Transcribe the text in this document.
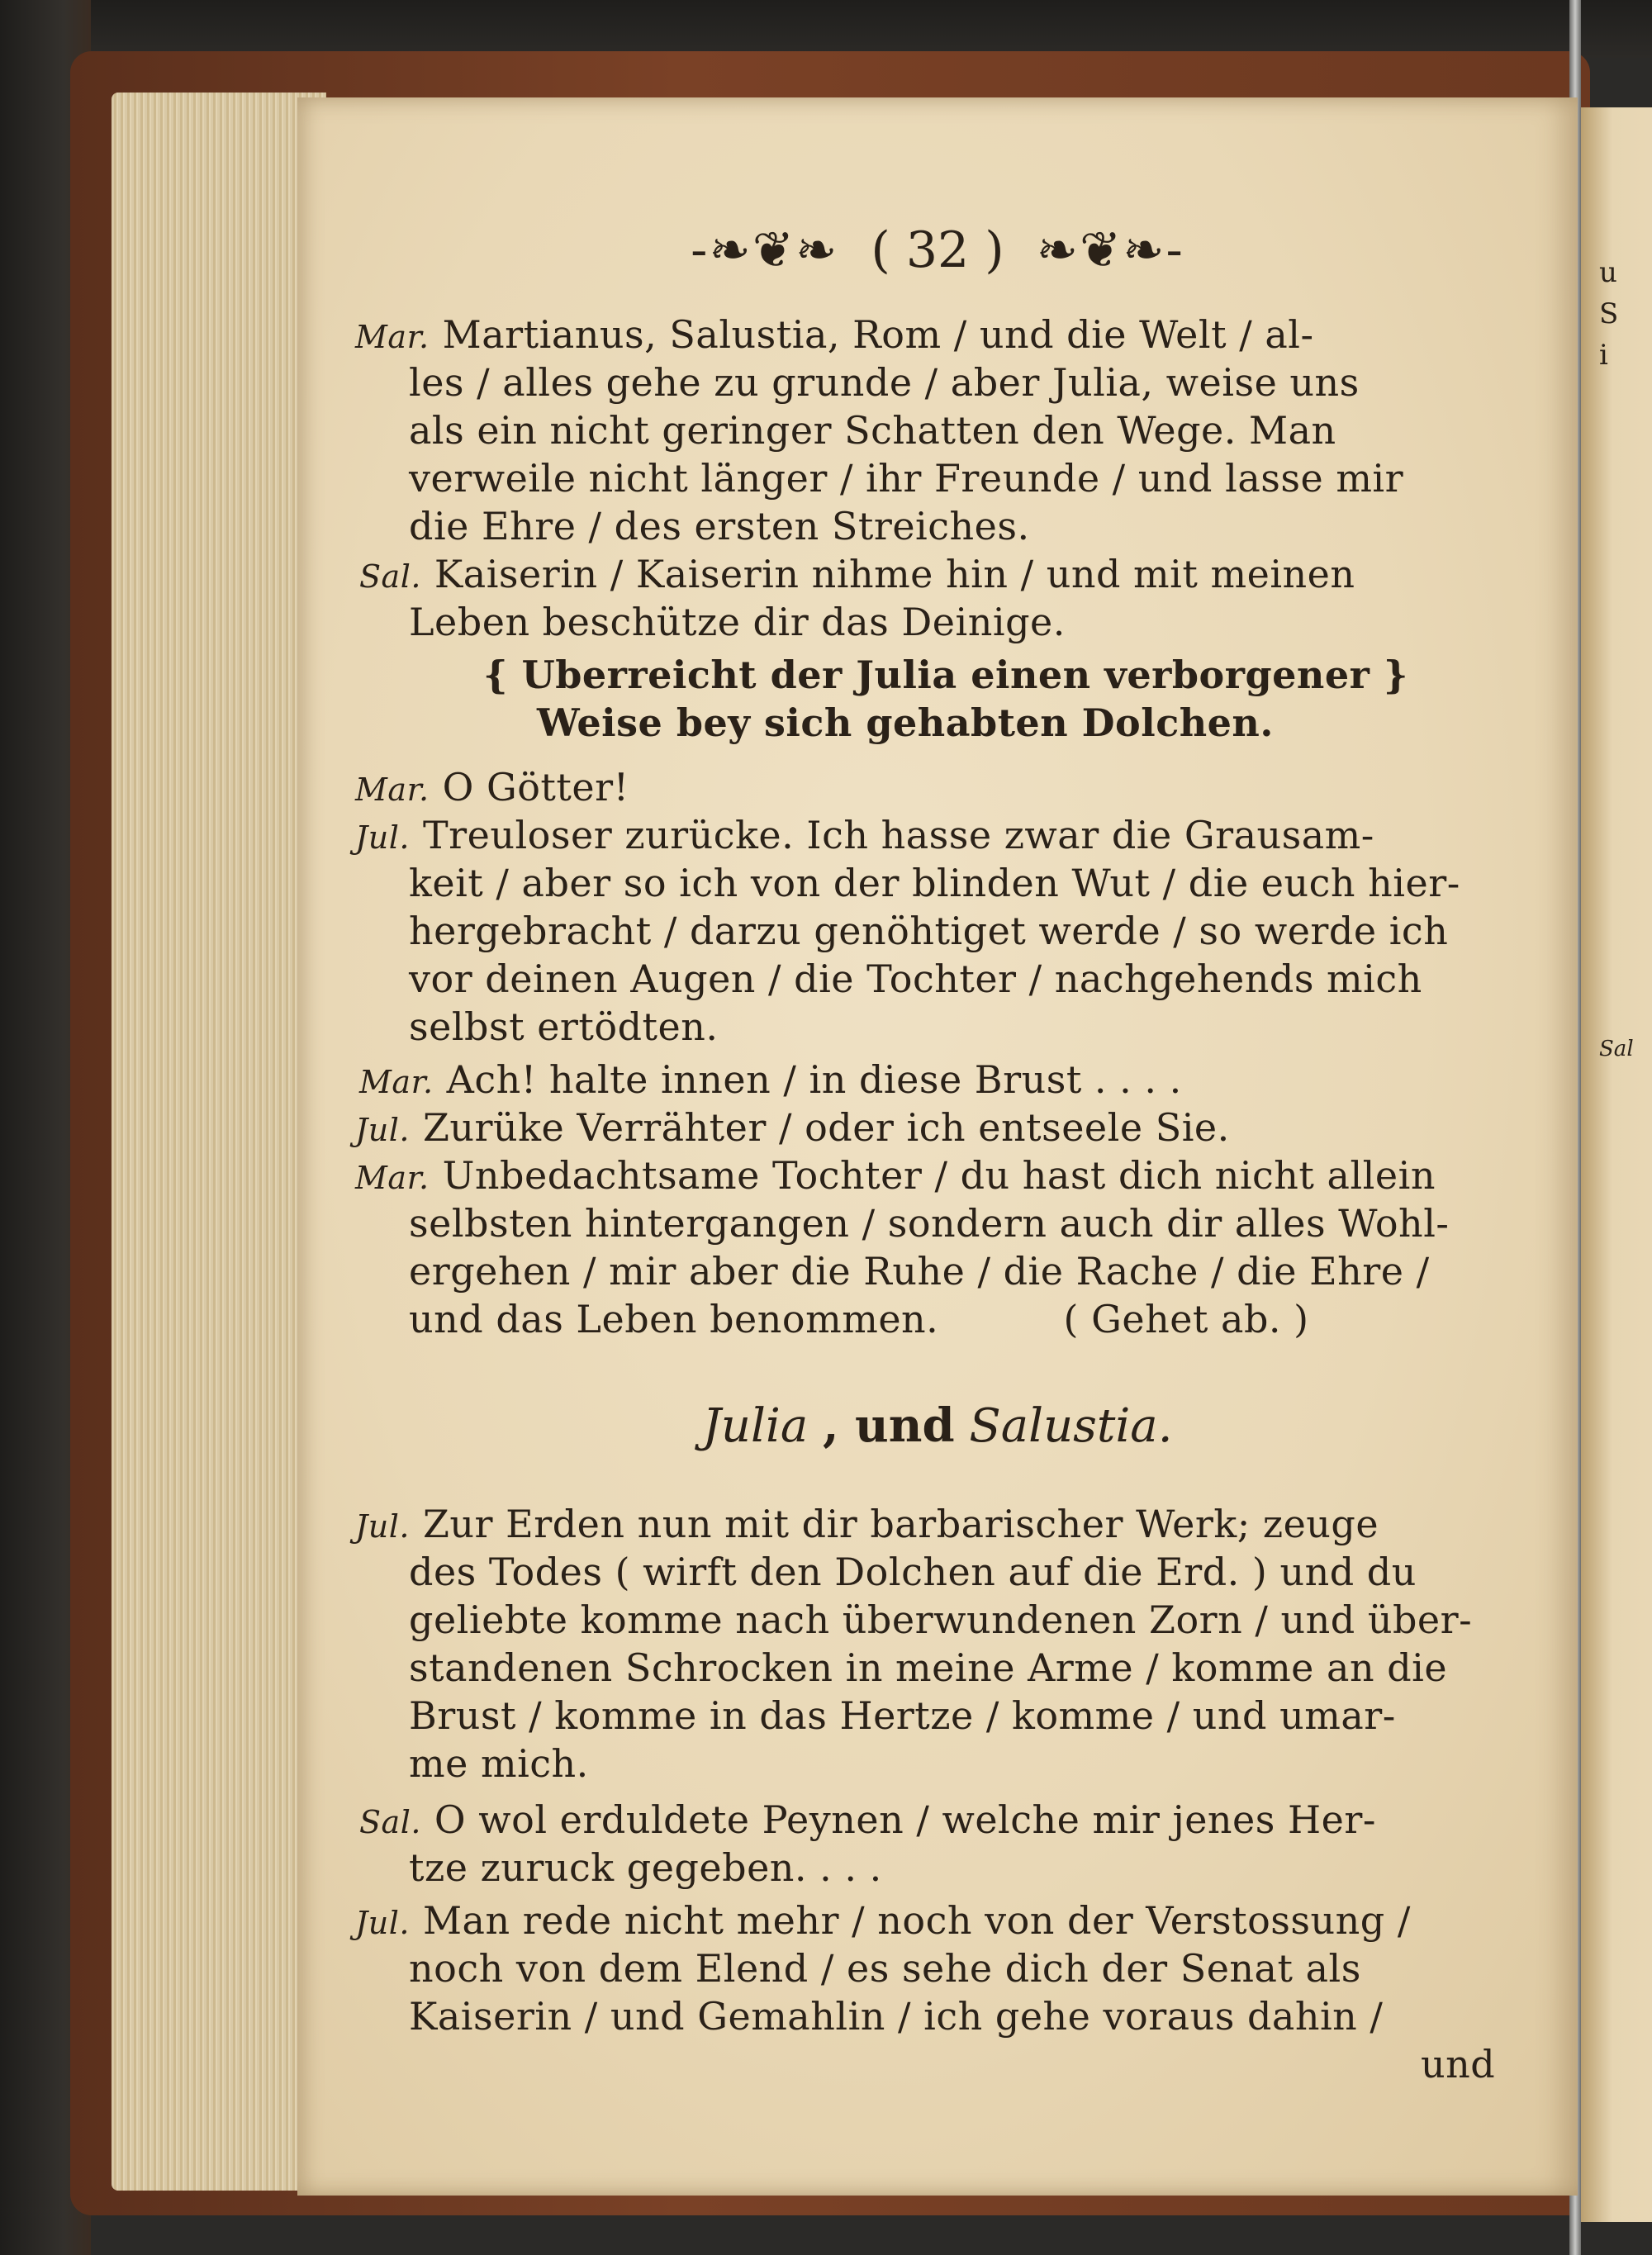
u
S
i
Sal
-❧❦❧ ( 32 ) ❧❦❧-
Mar. Martianus, Salustia, Rom / und die Welt / al-
les / alles gehe zu grunde / aber Julia, weise uns
als ein nicht geringer Schatten den Wege. Man
verweile nicht länger / ihr Freunde / und lasse mir
die Ehre / des ersten Streiches.
Sal. Kaiserin / Kaiserin nihme hin / und mit meinen
Leben beschütze dir das Deinige.
{ Uberreicht der Julia einen verborgener }
Weise bey sich gehabten Dolchen.
Mar. O Götter!
Jul. Treuloser zurücke. Ich hasse zwar die Grausam-
keit / aber so ich von der blinden Wut / die euch hier-
hergebracht / darzu genöhtiget werde / so werde ich
vor deinen Augen / die Tochter / nachgehends mich
selbst ertödten.
Mar. Ach! halte innen / in diese Brust . . . .
Jul. Zurüke Verrähter / oder ich entseele Sie.
Mar. Unbedachtsame Tochter / du hast dich nicht allein
selbsten hintergangen / sondern auch dir alles Wohl-
ergehen / mir aber die Ruhe / die Rache / die Ehre /
und das Leben benommen.          ( Gehet ab. )
Julia , und Salustia.
Jul. Zur Erden nun mit dir barbarischer Werk; zeuge
des Todes ( wirft den Dolchen auf die Erd. ) und du
geliebte komme nach überwundenen Zorn / und über-
standenen Schrocken in meine Arme / komme an die
Brust / komme in das Hertze / komme / und umar-
me mich.
Sal. O wol erduldete Peynen / welche mir jenes Her-
tze zuruck gegeben. . . .
Jul. Man rede nicht mehr / noch von der Verstossung /
noch von dem Elend / es sehe dich der Senat als
Kaiserin / und Gemahlin / ich gehe voraus dahin /
und
